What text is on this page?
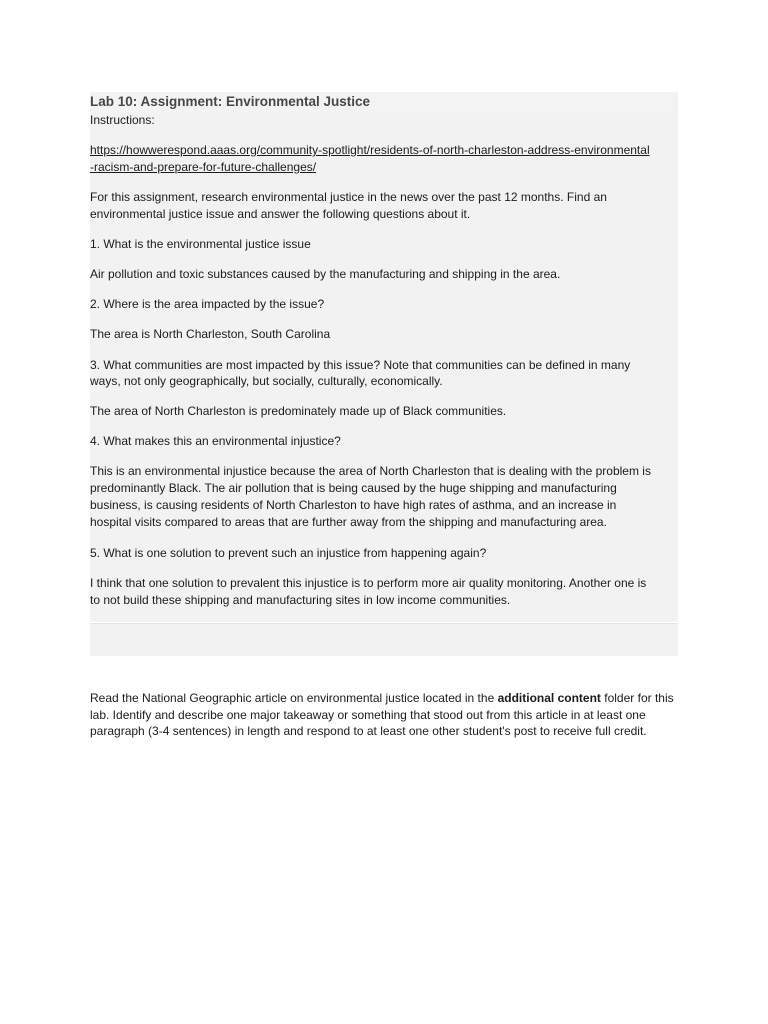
Lab 10: Assignment: Environmental Justice

Instructions:

https://howwerespond.aaas.org/community-spotlight/residents-of-north-charleston-address-environmental
-racism-and-prepare-for-future-challenges/

For this assignment, research environmental justice in the news over the past 12 months. Find an

environmental justice issue and answer the following questions about it.

1. What is the environmental justice issue

Air pollution and toxic substances caused by the manufacturing and shipping in the area.

2. Where is the area impacted by the issue?

The area is North Charleston, South Carolina

3. What communities are most impacted by this issue? Note that communities can be defined in many

ways, not only geographically, but socially, culturally, economically.

The area of North Charleston is predominately made up of Black communities.

4. What makes this an environmental injustice?

This is an environmental injustice because the area of North Charleston that is dealing with the problem is

predominantly Black. The air pollution that is being caused by the huge shipping and manufacturing

business, is causing residents of North Charleston to have high rates of asthma, and an increase in

hospital visits compared to areas that are further away from the shipping and manufacturing area.

5. What is one solution to prevent such an injustice from happening again?

I think that one solution to prevalent this injustice is to perform more air quality monitoring. Another one is

to not build these shipping and manufacturing sites in low income communities.

Read the National Geographic article on environmental justice located in the additional content folder for this lab. Identify and describe one major takeaway or something that stood out from this article in at least one paragraph (3-4 sentences) in length and respond to at least one other student's post to receive full credit.
